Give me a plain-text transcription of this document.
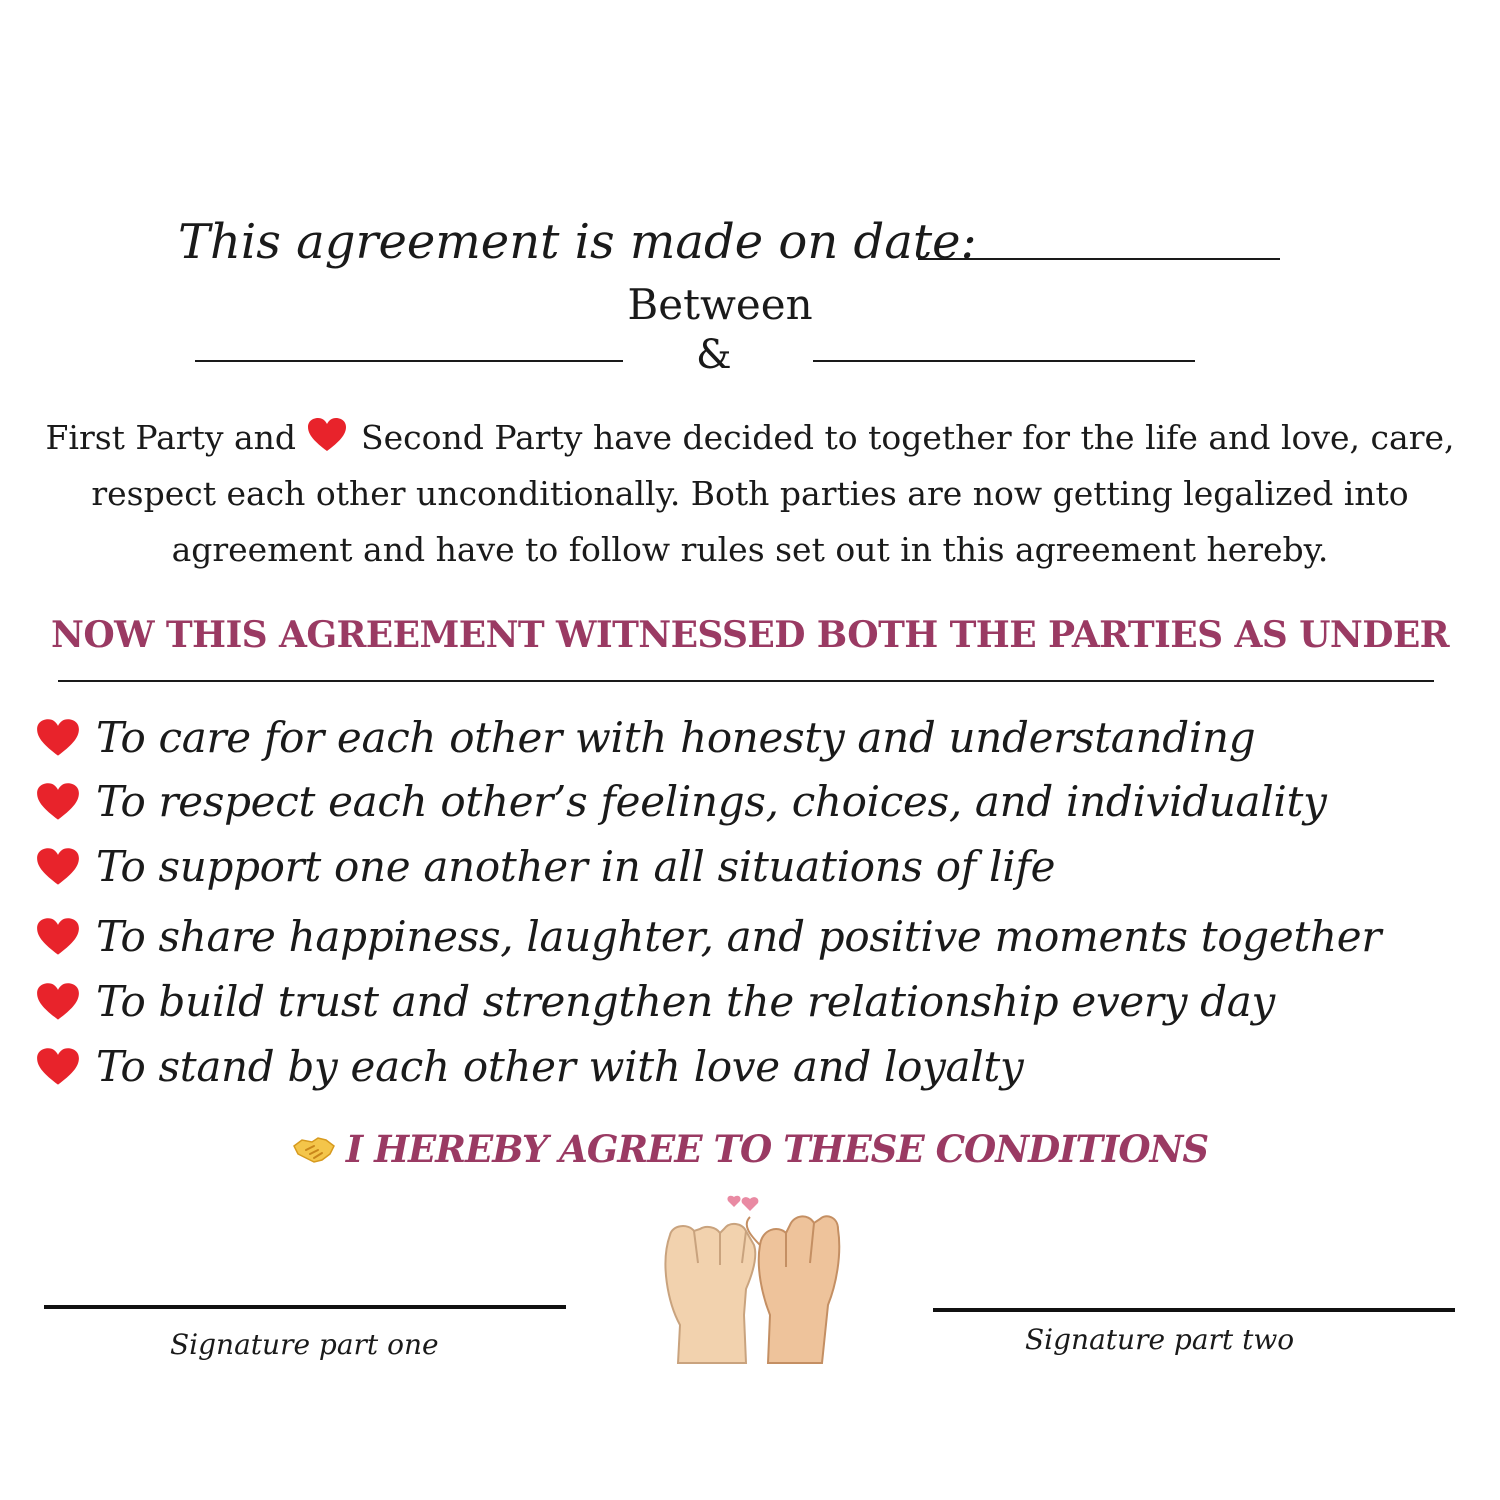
This agreement is made on date:
Between
&
First Party and  Second Party have decided to together for the life and love, care,
respect each other unconditionally. Both parties are now getting legalized into
agreement and have to follow rules set out in this agreement hereby.
NOW THIS AGREEMENT WITNESSED BOTH THE PARTIES AS UNDER
To care for each other with honesty and understanding
To respect each other’s feelings, choices, and individuality
To support one another in all situations of life
To share happiness, laughter, and positive moments together
To build trust and strengthen the relationship every day
To stand by each other with love and loyalty
I HEREBY AGREE TO THESE CONDITIONS
Signature part one	Signature part two
